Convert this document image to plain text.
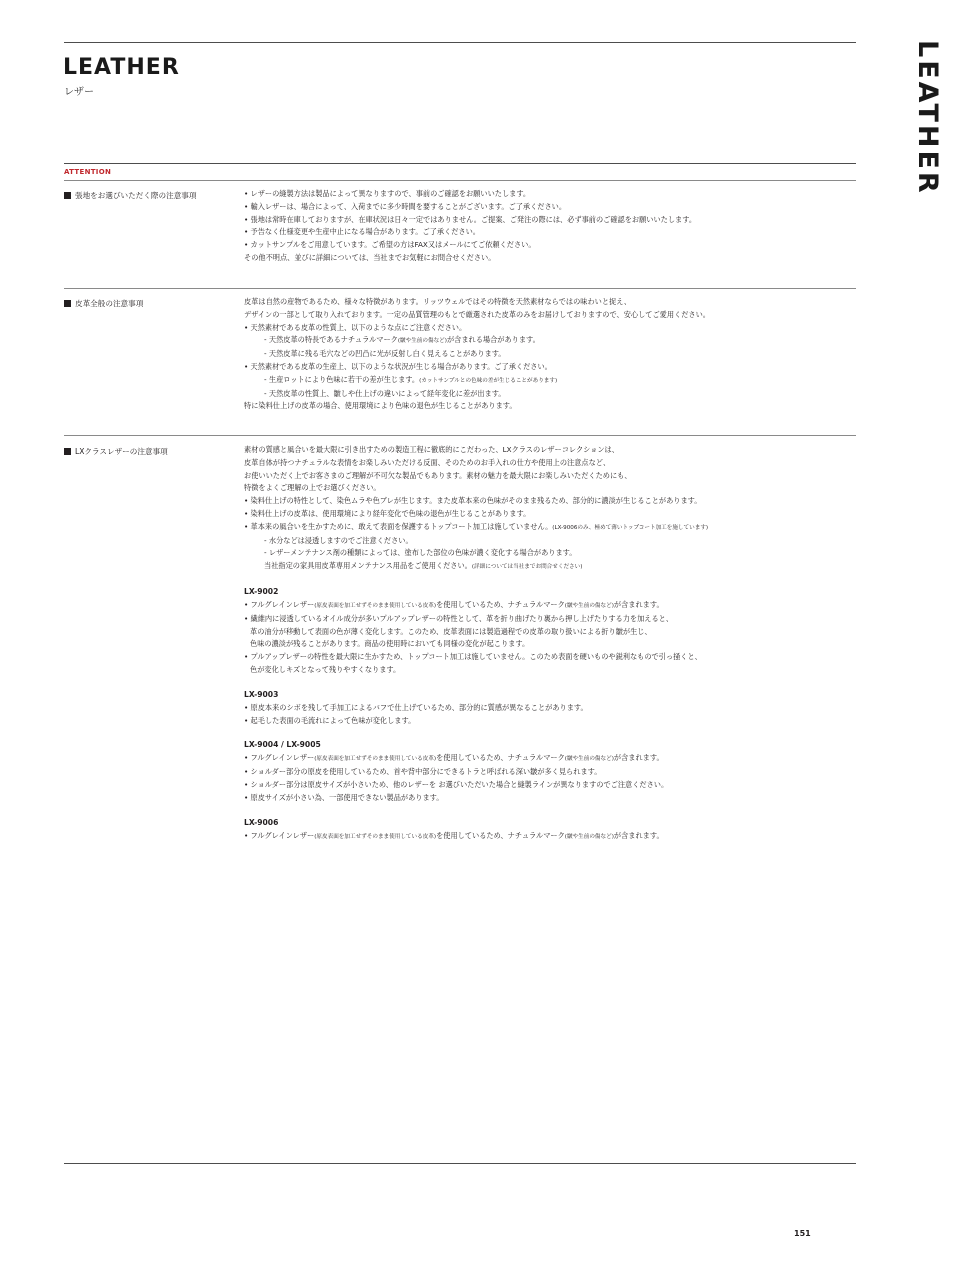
LEATHER
レザー	LEATHER
ATTENTION
張地をお選びいただく際の注意事項	• レザーの縫製方法は製品によって異なりますので、事前のご確認をお願いいたします。
• 輸入レザーは、場合によって、入荷までに多少時間を要することがございます。ご了承ください。
• 張地は常時在庫しておりますが、在庫状況は日々一定ではありません。ご提案、ご発注の際には、必ず事前のご確認をお願いいたします。
• 予告なく仕様変更や生産中止になる場合があります。ご了承ください。
• カットサンプルをご用意しています。ご希望の方はFAX又はメールにてご依頼ください。
その他不明点、並びに詳細については、当社までお気軽にお問合せください。
皮革全般の注意事項	皮革は自然の産物であるため、様々な特徴があります。リッツウェルではその特徴を天然素材ならではの味わいと捉え、
デザインの一部として取り入れております。一定の品質管理のもとで厳選された皮革のみをお届けしておりますので、安心してご愛用ください。
• 天然素材である皮革の性質上、以下のような点にご注意ください。
- 天然皮革の特長であるナチュラルマーク(皺や生前の傷など)が含まれる場合があります。
- 天然皮革に残る毛穴などの凹凸に光が反射し白く見えることがあります。
• 天然素材である皮革の生産上、以下のような状況が生じる場合があります。ご了承ください。
- 生産ロットにより色味に若干の差が生じます。(カットサンプルとの色味の差が生じることがあります)
- 天然皮革の性質上、皺しや仕上げの違いによって経年変化に差が出ます。
特に染料仕上げの皮革の場合、使用環境により色味の退色が生じることがあります。
LXクラスレザーの注意事項	素材の質感と風合いを最大限に引き出すための製造工程に徹底的にこだわった、LXクラスのレザーコレクションは、
皮革自体が持つナチュラルな表情をお楽しみいただける反面、そのためのお手入れの仕方や使用上の注意点など、
お使いいただく上でお客さまのご理解が不可欠な製品でもあります。素材の魅力を最大限にお楽しみいただくためにも、
特徴をよくご理解の上でお選びください。
• 染料仕上げの特性として、染色ムラや色ブレが生じます。また皮革本来の色味がそのまま残るため、部分的に濃淡が生じることがあります。
• 染料仕上げの皮革は、使用環境により経年変化で色味の退色が生じることがあります。
• 革本来の風合いを生かすために、敢えて表面を保護するトップコート加工は施していません。(LX-9006のみ、極めて薄いトップコート加工を施しています)
- 水分などは浸透しますのでご注意ください。
- レザーメンテナンス剤の種類によっては、塗布した部位の色味が濃く変化する場合があります。
当社指定の家具用皮革専用メンテナンス用品をご使用ください。(詳細については当社までお問合せください)
LX-9002
• フルグレインレザー(原皮表面を加工せずそのまま使用している皮革)を使用しているため、ナチュラルマーク(皺や生前の傷など)が含まれます。
• 繊維内に浸透しているオイル成分が多いプルアップレザーの特性として、革を折り曲げたり裏から押し上げたりする力を加えると、
革の油分が移動して表面の色が薄く変化します。このため、皮革表面には製造過程での皮革の取り扱いによる折り皺が生じ、
色味の濃淡が残ることがあります。商品の使用時においても同様の変化が起こります。
• プルアップレザーの特性を最大限に生かすため、トップコート加工は施していません。このため表面を硬いものや鋭利なもので引っ掻くと、
色が変化しキズとなって残りやすくなります。
LX-9003
• 原皮本来のシボを残して手加工によるバフで仕上げているため、部分的に質感が異なることがあります。
• 起毛した表面の毛流れによって色味が変化します。
LX-9004 / LX-9005
• フルグレインレザー(原皮表面を加工せずそのまま使用している皮革)を使用しているため、ナチュラルマーク(皺や生前の傷など)が含まれます。
• ショルダー部分の原皮を使用しているため、首や背中部分にできるトラと呼ばれる深い皺が多く見られます。
• ショルダー部分は原皮サイズが小さいため、他のレザーを お選びいただいた場合と縫製ラインが異なりますのでご注意ください。
• 原皮サイズが小さい為、一部使用できない製品があります。
LX-9006
• フルグレインレザー(原皮表面を加工せずそのまま使用している皮革)を使用しているため、ナチュラルマーク(皺や生前の傷など)が含まれます。
151
